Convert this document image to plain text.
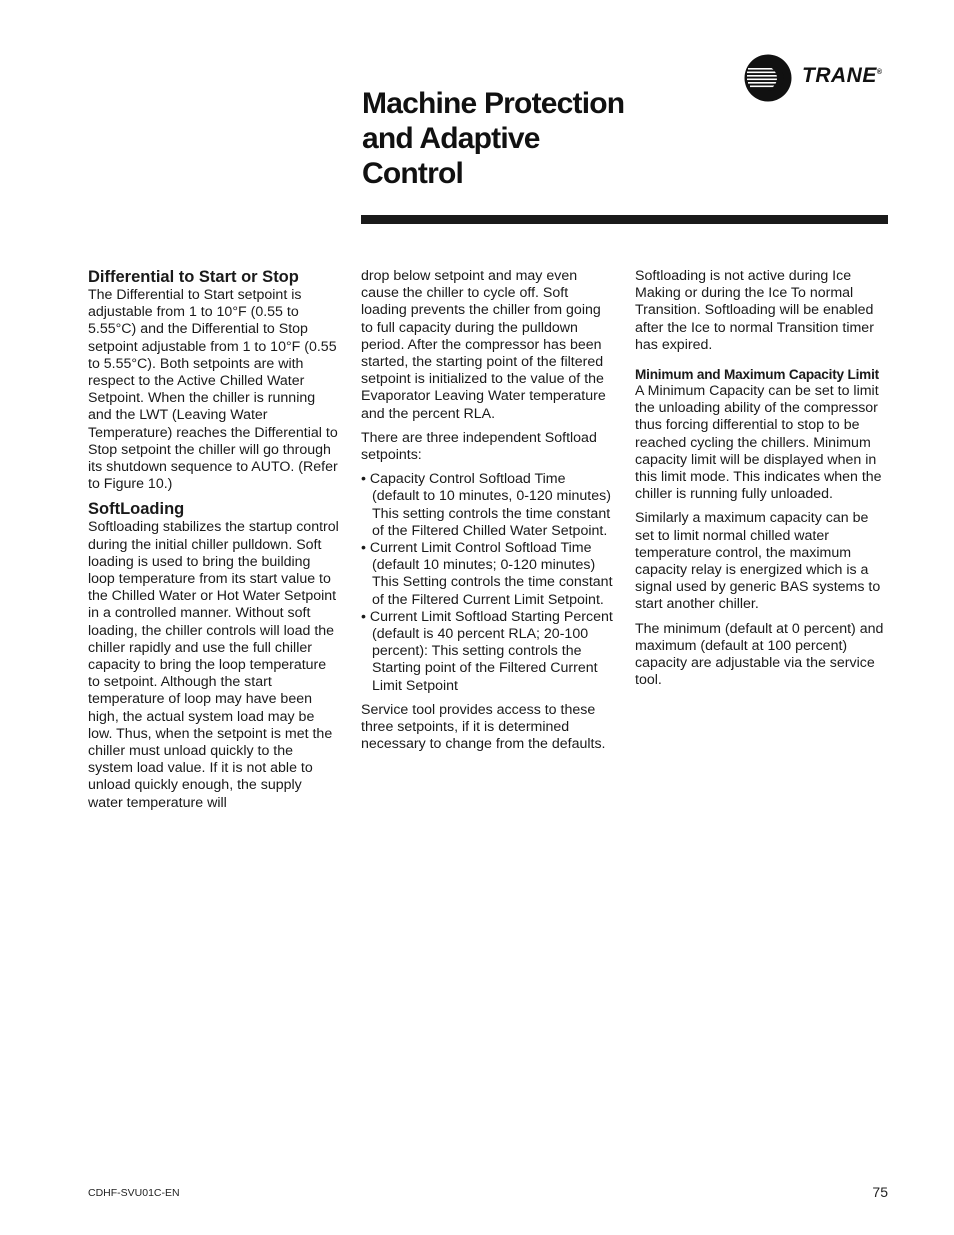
TRANE®
Machine Protection
and Adaptive
Control
Differential to Start or Stop

The Differential to Start setpoint is adjustable from 1 to 10°F (0.55 to 5.55°C) and the Differential to Stop setpoint adjustable from 1 to 10°F (0.55 to 5.55°C). Both setpoints are with respect to the Active Chilled Water Setpoint. When the chiller is running and the LWT (Leaving Water Temperature) reaches the Differential to Stop setpoint the chiller will go through its shutdown sequence to AUTO. (Refer to Figure 10.)

SoftLoading

Softloading stabilizes the startup control during the initial chiller pulldown. Soft loading is used to bring the building loop temperature from its start value to the Chilled Water or Hot Water Setpoint in a controlled manner. Without soft loading, the chiller controls will load the chiller rapidly and use the full chiller capacity to bring the loop temperature to setpoint. Although the start temperature of loop may have been high, the actual system load may be low. Thus, when the setpoint is met the chiller must unload quickly to the system load value. If it is not able to unload quickly enough, the supply water temperature will

drop below setpoint and may even cause the chiller to cycle off. Soft loading prevents the chiller from going to full capacity during the pulldown period. After the compressor has been started, the starting point of the filtered setpoint is initialized to the value of the Evaporator Leaving Water temperature and the percent RLA.

There are three independent Softload setpoints:

• Capacity Control Softload Time (default to 10 minutes, 0-120 minutes) This setting controls the time constant of the Filtered Chilled Water Setpoint.
• Current Limit Control Softload Time (default 10 minutes; 0-120 minutes) This Setting controls the time constant of the Filtered Current Limit Setpoint.
• Current Limit Softload Starting Percent (default is 40 percent RLA; 20-100 percent): This setting controls the Starting point of the Filtered Current Limit Setpoint

Service tool provides access to these three setpoints, if it is determined necessary to change from the defaults.

Softloading is not active during Ice Making or during the Ice To normal Transition. Softloading will be enabled after the Ice to normal Transition timer has expired.

Minimum and Maximum Capacity Limit

A Minimum Capacity can be set to limit the unloading ability of the compressor thus forcing differential to stop to be reached cycling the chillers. Minimum capacity limit will be displayed when in this limit mode. This indicates when the chiller is running fully unloaded.

Similarly a maximum capacity can be set to limit normal chilled water temperature control, the maximum capacity relay is energized which is a signal used by generic BAS systems to start another chiller.

The minimum (default at 0 percent) and maximum (default at 100 percent) capacity are adjustable via the service tool.

CDHF-SVU01C-EN	75
